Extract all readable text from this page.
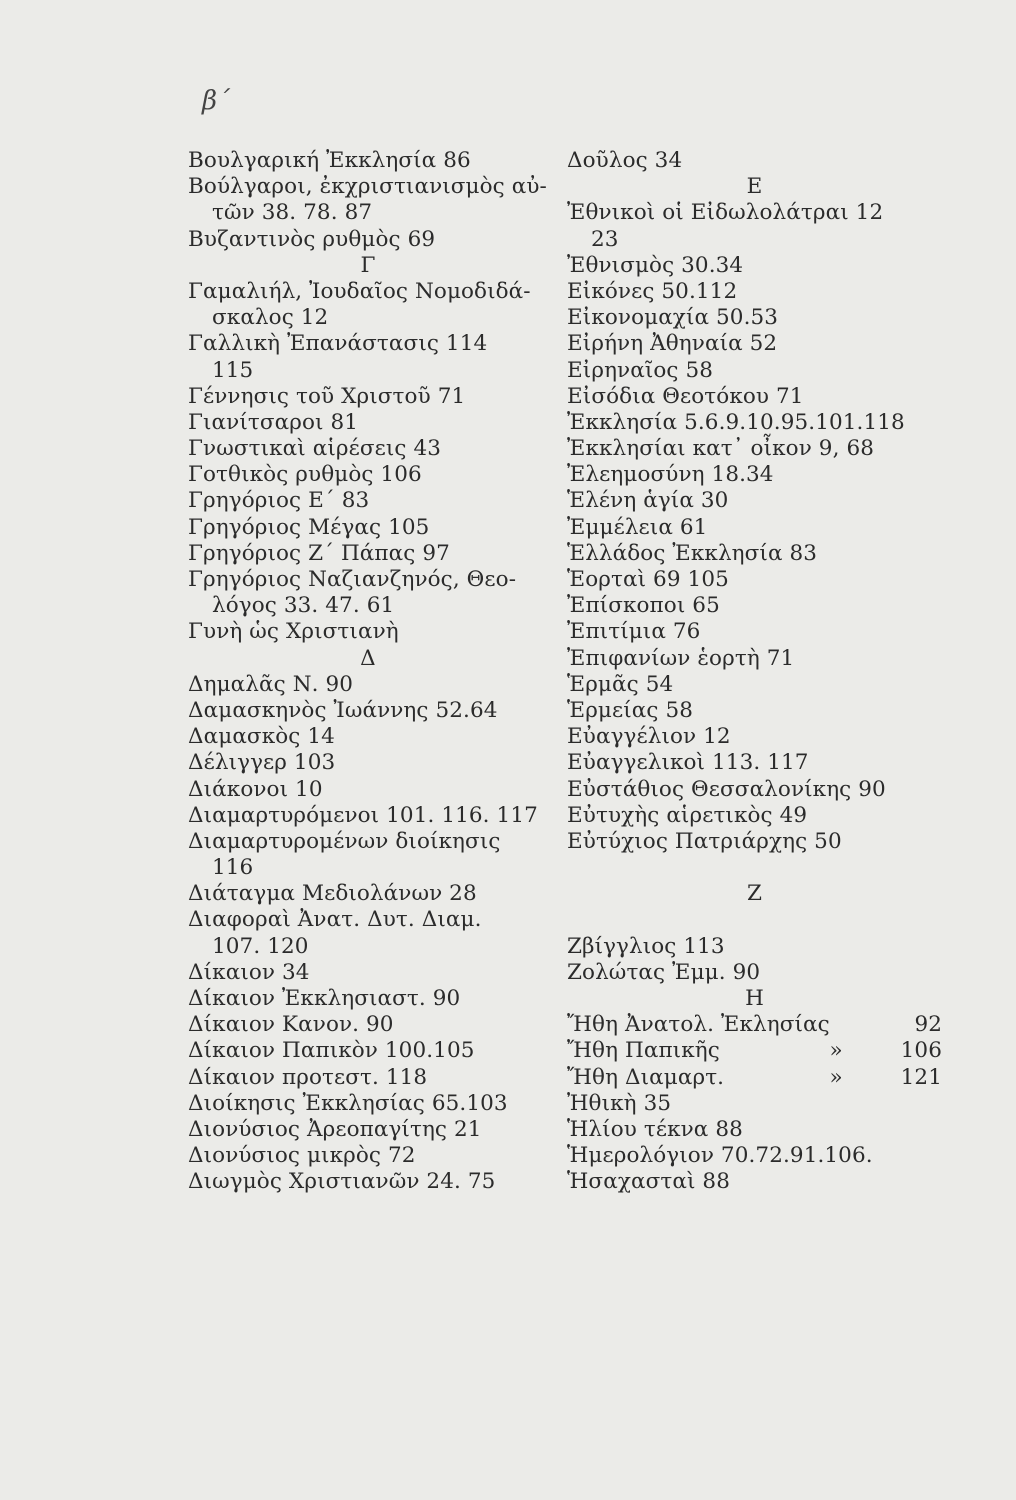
β΄
Βουλγαρική Ἐκκλησία 86
Βούλγαροι, ἐκχριστιανισμὸς αὐ-
τῶν 38. 78. 87
Βυζαντινὸς ρυθμὸς 69
Γ
Γαμαλιήλ, Ἰουδαῖος Νομοδιδά-
σκαλος 12
Γαλλικὴ Ἐπανάστασις 114
115
Γέννησις τοῦ Χριστοῦ 71
Γιανίτσαροι 81
Γνωστικαὶ αἱρέσεις 43
Γοτθικὸς ρυθμὸς 106
Γρηγόριος Ε΄ 83
Γρηγόριος Μέγας 105
Γρηγόριος Ζ΄ Πάπας 97
Γρηγόριος Ναζιανζηνός, Θεο-
λόγος 33. 47. 61
Γυνὴ ὡς Χριστιανὴ
Δ
Δημαλᾶς Ν. 90
Δαμασκηνὸς Ἰωάννης 52.64
Δαμασκὸς 14
Δέλιγγερ 103
Διάκονοι 10
Διαμαρτυρόμενοι 101. 116. 117
Διαμαρτυρομένων διοίκησις
116
Διάταγμα Μεδιολάνων 28
Διαφοραὶ Ἀνατ. Δυτ. Διαμ.
107. 120
Δίκαιον 34
Δίκαιον Ἐκκλησιαστ. 90
Δίκαιον Κανον. 90
Δίκαιον Παπικὸν 100.105
Δίκαιον προτεστ. 118
Διοίκησις Ἐκκλησίας 65.103
Διονύσιος Ἀρεοπαγίτης 21
Διονύσιος μικρὸς 72
Διωγμὸς Χριστιανῶν 24. 75
Δοῦλος 34
Ε
Ἐθνικοὶ οἱ Εἰδωλολάτραι 12
23
Ἐθνισμὸς 30.34
Εἰκόνες 50.112
Εἰκονομαχία 50.53
Εἰρήνη Ἀθηναία 52
Εἰρηναῖος 58
Εἰσόδια Θεοτόκου 71
Ἐκκλησία 5.6.9.10.95.101.118
Ἐκκλησίαι κατ᾽ οἶκον 9, 68
Ἐλεημοσύνη 18.34
Ἑλένη ἁγία 30
Ἐμμέλεια 61
Ἑλλάδος Ἐκκλησία 83
Ἑορταὶ 69 105
Ἐπίσκοποι 65
Ἐπιτίμια 76
Ἐπιφανίων ἑορτὴ 71
Ἑρμᾶς 54
Ἑρμείας 58
Εὐαγγέλιον 12
Εὐαγγελικοὶ 113. 117
Εὐστάθιος Θεσσαλονίκης 90
Εὐτυχὴς αἱρετικὸς 49
Εὐτύχιος Πατριάρχης 50
Ζ
Ζβίγγλιος 113
Ζολώτας Ἐμμ. 90
Η
Ἤθη Ἀνατολ. Ἐκλησίας	92
Ἤθη Παπικῆς	»	106
Ἤθη Διαμαρτ.	»	121
Ἠθικὴ 35
Ἡλίου τέκνα 88
Ἡμερολόγιον 70.72.91.106.
Ἡσαχασταὶ 88
